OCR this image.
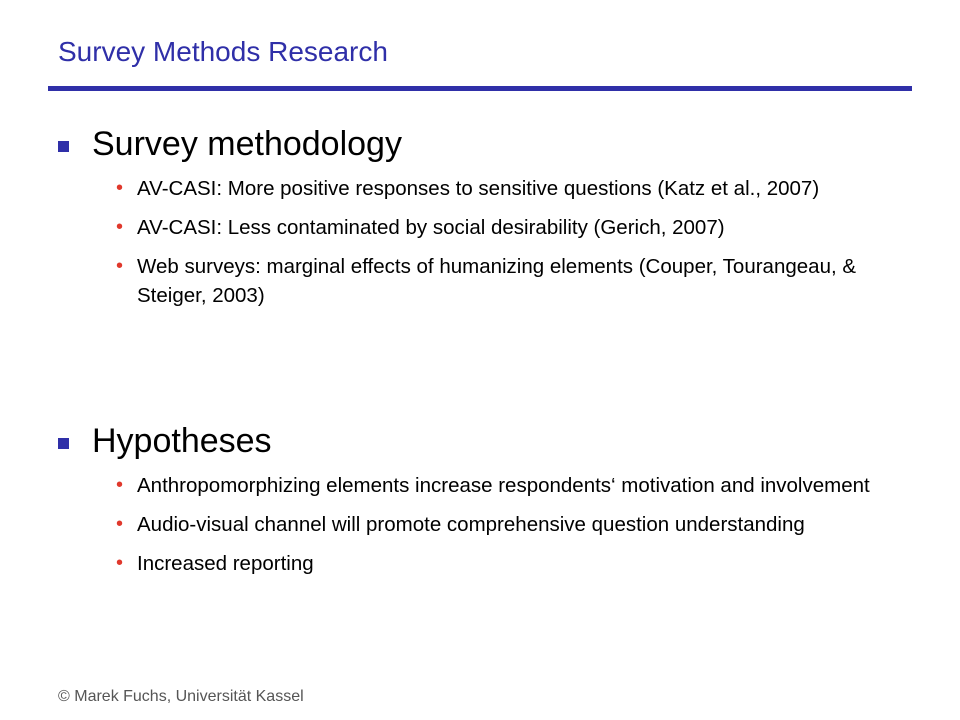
Survey Methods Research
Survey methodology
• AV-CASI: More positive responses to sensitive questions (Katz et al., 2007)
• AV-CASI: Less contaminated by social desirability (Gerich, 2007)
• Web surveys: marginal effects of humanizing elements (Couper, Tourangeau, & Steiger, 2003)
Hypotheses
• Anthropomorphizing elements increase respondents‘ motivation and involvement
• Audio-visual channel will promote comprehensive question understanding
• Increased reporting
© Marek Fuchs, Universität Kassel
